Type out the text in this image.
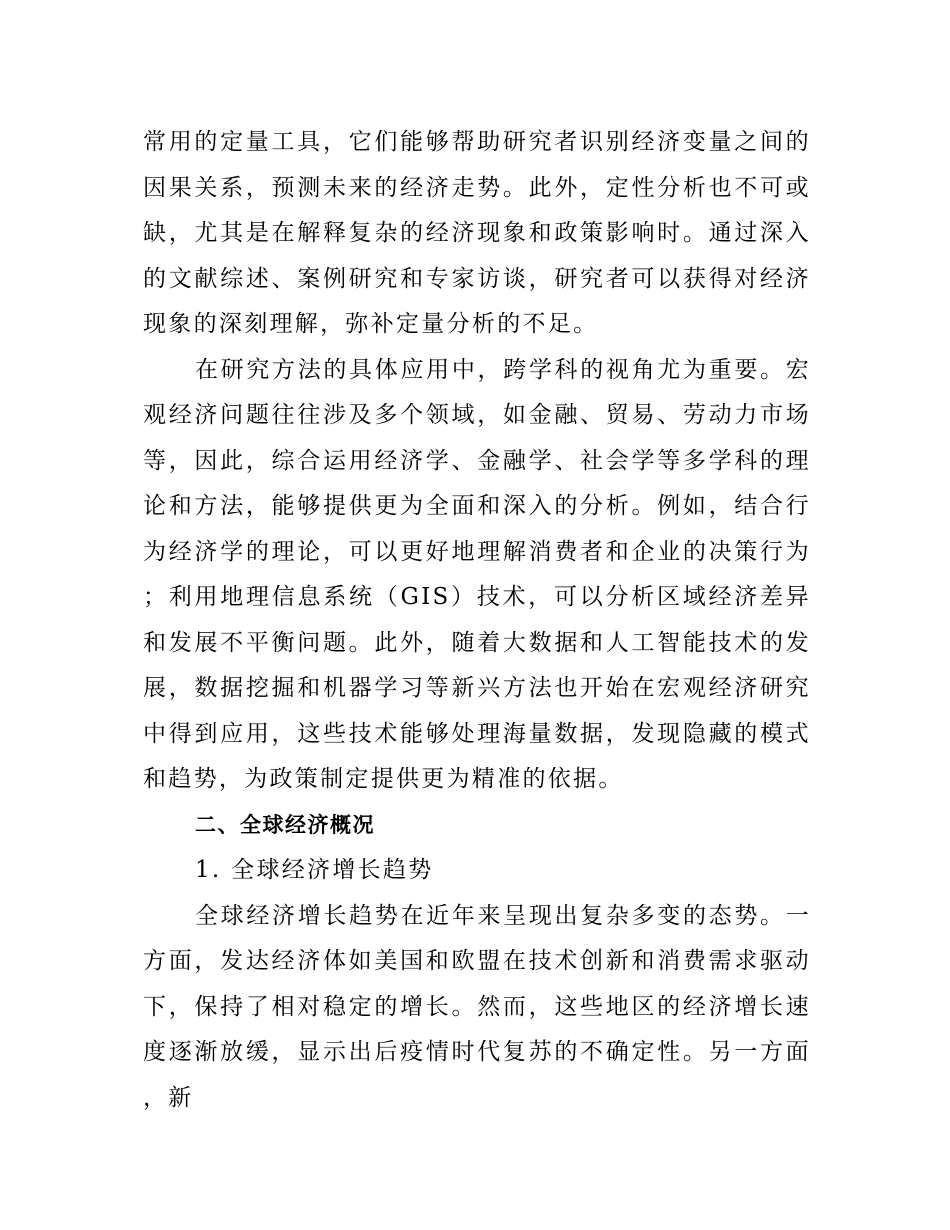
常用的定量工具，它们能够帮助研究者识别经济变量之间的因果关系，预测未来的经济走势。此外，定性分析也不可或缺，尤其是在解释复杂的经济现象和政策影响时。通过深入的文献综述、案例研究和专家访谈，研究者可以获得对经济现象的深刻理解，弥补定量分析的不足。

在研究方法的具体应用中，跨学科的视角尤为重要。宏观经济问题往往涉及多个领域，如金融、贸易、劳动力市场等，因此，综合运用经济学、金融学、社会学等多学科的理论和方法，能够提供更为全面和深入的分析。例如，结合行为经济学的理论，可以更好地理解消费者和企业的决策行为；利用地理信息系统（GIS）技术，可以分析区域经济差异和发展不平衡问题。此外，随着大数据和人工智能技术的发展，数据挖掘和机器学习等新兴方法也开始在宏观经济研究中得到应用，这些技术能够处理海量数据，发现隐藏的模式和趋势，为政策制定提供更为精准的依据。

二、全球经济概况

1. 全球经济增长趋势

全球经济增长趋势在近年来呈现出复杂多变的态势。一方面，发达经济体如美国和欧盟在技术创新和消费需求驱动下，保持了相对稳定的增长。然而，这些地区的经济增长速度逐渐放缓，显示出后疫情时代复苏的不确定性。另一方面，新
